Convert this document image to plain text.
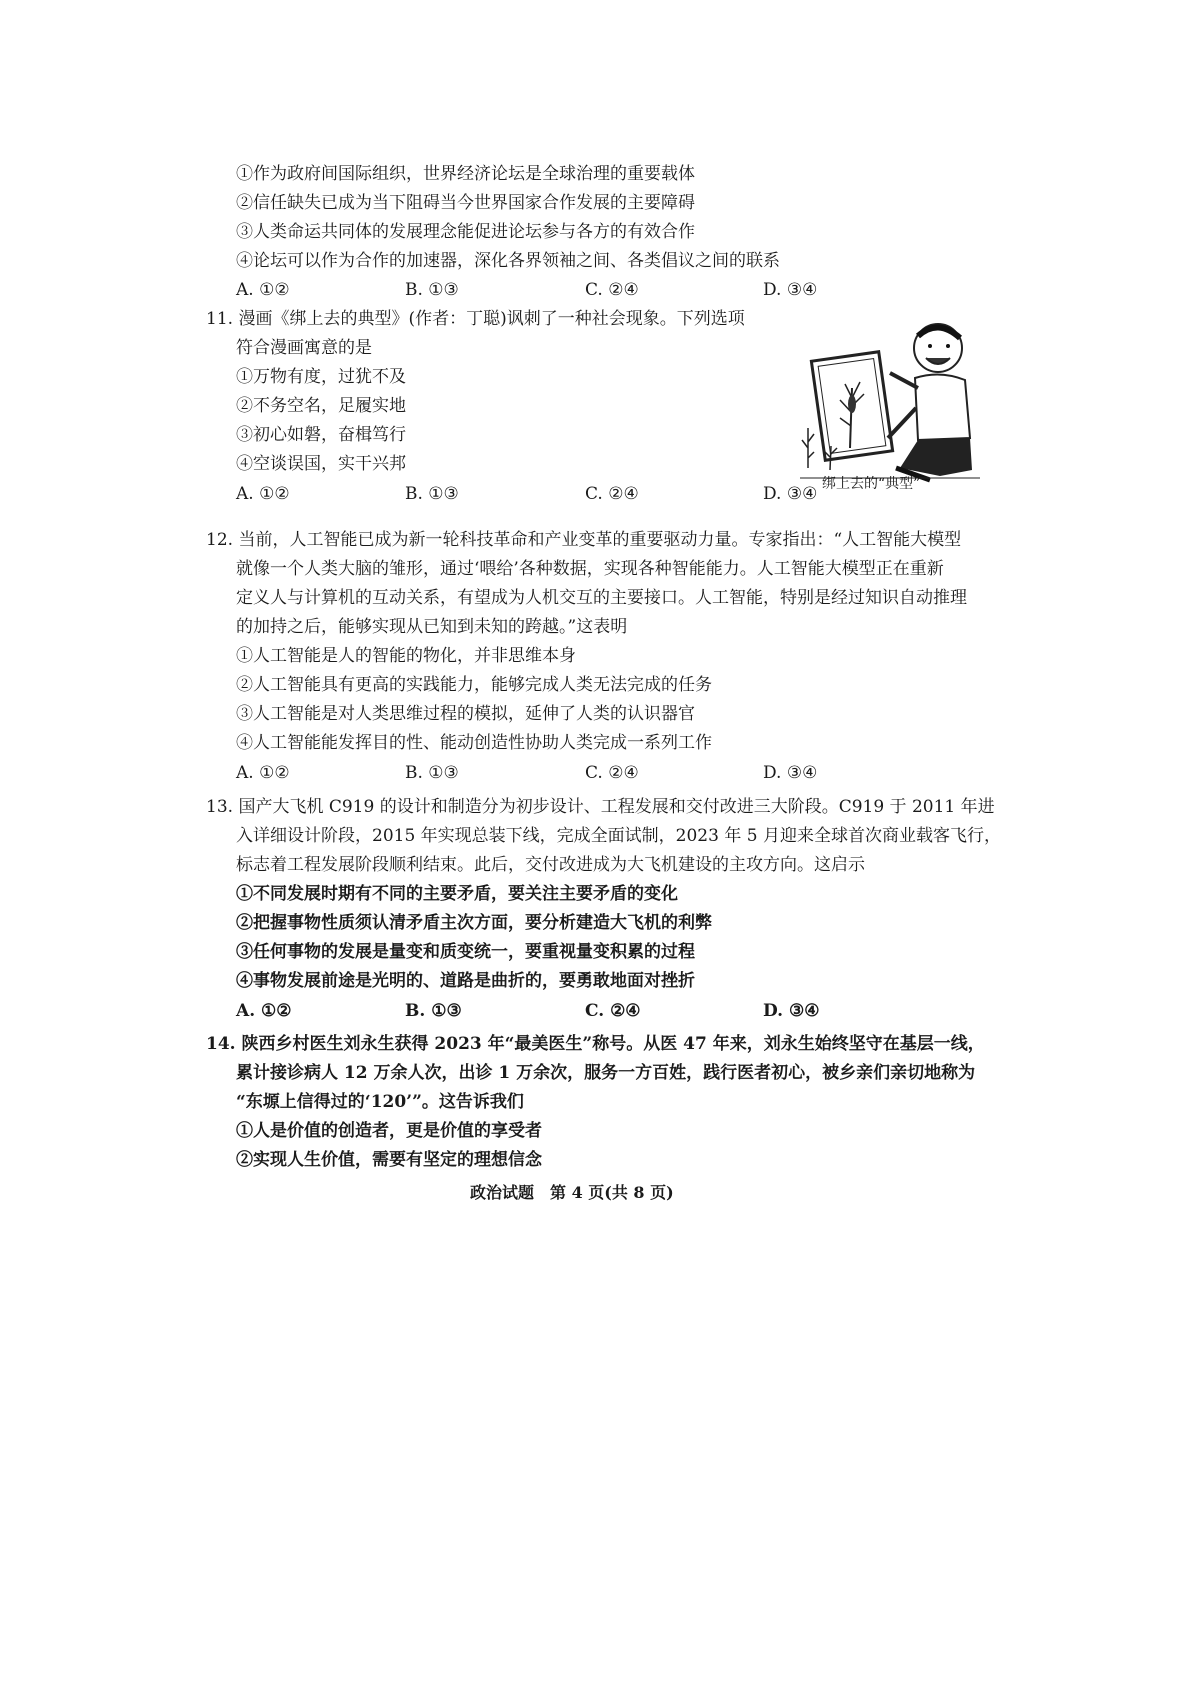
①作为政府间国际组织，世界经济论坛是全球治理的重要载体
②信任缺失已成为当下阻碍当今世界国家合作发展的主要障碍
③人类命运共同体的发展理念能促进论坛参与各方的有效合作
④论坛可以作为合作的加速器，深化各界领袖之间、各类倡议之间的联系
A. ①②	B. ①③	C. ②④	D. ③④
11. 漫画《绑上去的典型》(作者：丁聪)讽刺了一种社会现象。下列选项
符合漫画寓意的是
①万物有度，过犹不及
②不务空名，足履实地
③初心如磐，奋楫笃行
④空谈误国，实干兴邦
A. ①②	B. ①③	C. ②④	D. ③④ 绑上去的“典型”
12. 当前，人工智能已成为新一轮科技革命和产业变革的重要驱动力量。专家指出：“人工智能大模型
就像一个人类大脑的雏形，通过‘喂给’各种数据，实现各种智能能力。人工智能大模型正在重新
定义人与计算机的互动关系，有望成为人机交互的主要接口。人工智能，特别是经过知识自动推理
的加持之后，能够实现从已知到未知的跨越。”这表明
①人工智能是人的智能的物化，并非思维本身
②人工智能具有更高的实践能力，能够完成人类无法完成的任务
③人工智能是对人类思维过程的模拟，延伸了人类的认识器官
④人工智能能发挥目的性、能动创造性协助人类完成一系列工作
A. ①②	B. ①③	C. ②④	D. ③④
13. 国产大飞机 C919 的设计和制造分为初步设计、工程发展和交付改进三大阶段。C919 于 2011 年进
入详细设计阶段，2015 年实现总装下线，完成全面试制，2023 年 5 月迎来全球首次商业载客飞行，
标志着工程发展阶段顺利结束。此后，交付改进成为大飞机建设的主攻方向。这启示
①不同发展时期有不同的主要矛盾，要关注主要矛盾的变化
②把握事物性质须认清矛盾主次方面，要分析建造大飞机的利弊
③任何事物的发展是量变和质变统一，要重视量变积累的过程
④事物发展前途是光明的、道路是曲折的，要勇敢地面对挫折
A. ①②	B. ①③	C. ②④	D. ③④
14. 陕西乡村医生刘永生获得 2023 年“最美医生”称号。从医 47 年来，刘永生始终坚守在基层一线，
累计接诊病人 12 万余人次，出诊 1 万余次，服务一方百姓，践行医者初心，被乡亲们亲切地称为
“东塬上信得过的‘120’”。这告诉我们
①人是价值的创造者，更是价值的享受者
②实现人生价值，需要有坚定的理想信念
政治试题　第 4 页(共 8 页)
